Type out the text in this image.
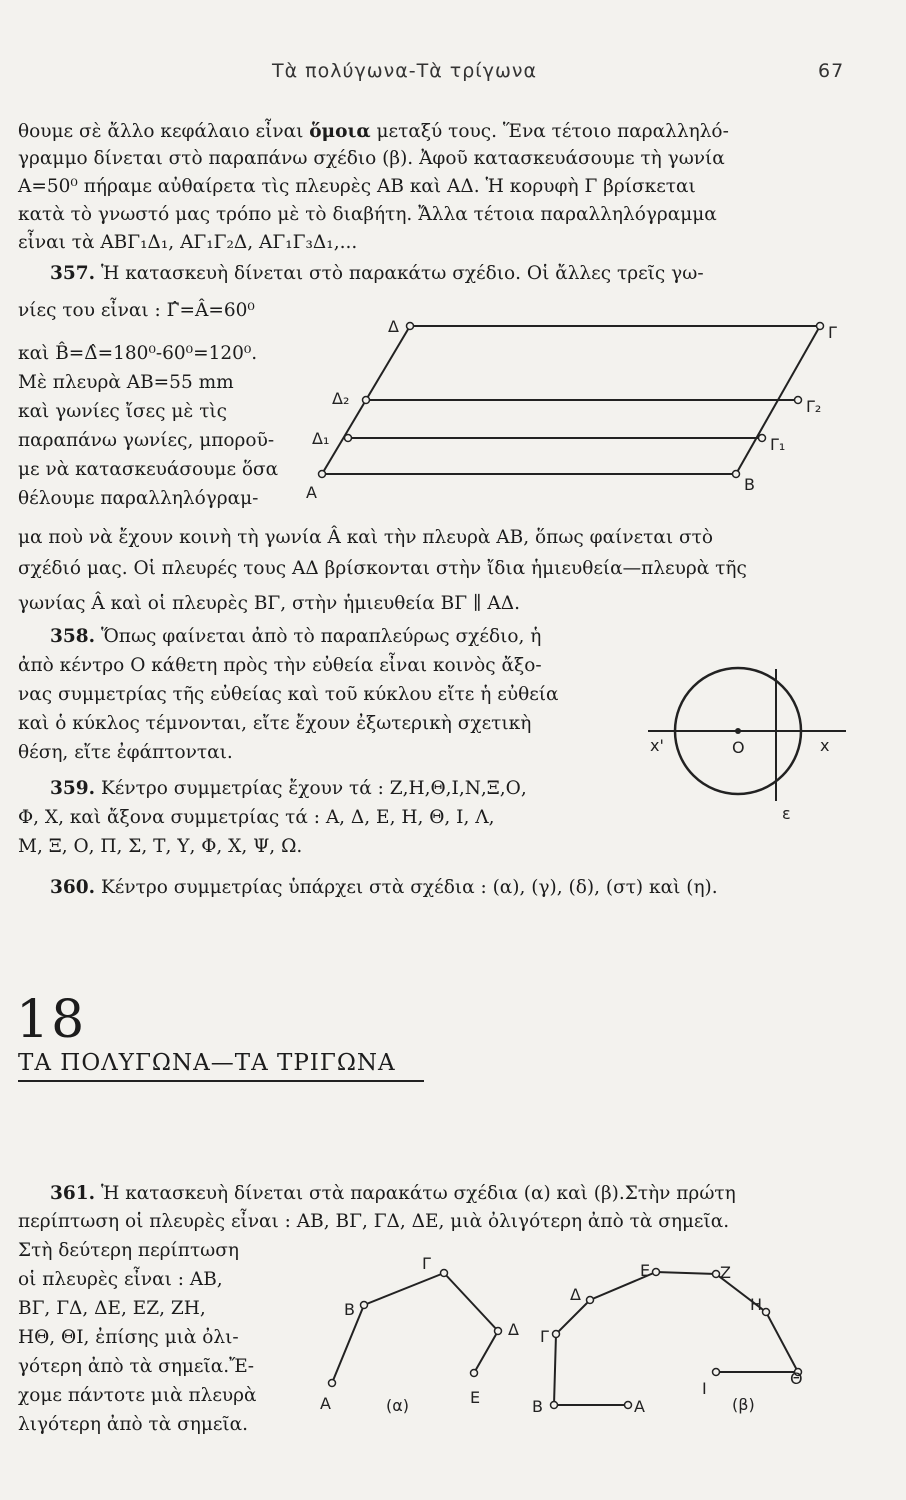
Τὰ πολύγωνα-Τὰ τρίγωνα	67
θουμε σὲ ἄλλο κεφάλαιο εἶναι ὅμοια μεταξύ τους. Ἕνα τέτοιο παραλληλό-
γραμμο δίνεται στὸ παραπάνω σχέδιο (β). Ἀφοῦ κατασκευάσουμε τὴ γωνία
Α=50⁰ πήραμε αὐθαίρετα τὶς πλευρὲς ΑΒ καὶ ΑΔ. Ἡ κορυφὴ Γ βρίσκεται
κατὰ τὸ γνωστό μας τρόπο μὲ τὸ διαβήτη. Ἄλλα τέτοια παραλληλόγραμμα
εἶναι τὰ ΑΒΓ₁Δ₁, ΑΓ₁Γ₂Δ, ΑΓ₁Γ₃Δ₁,...
357. Ἡ κατασκευὴ δίνεται στὸ παρακάτω σχέδιο. Οἱ ἄλλες τρεῖς γω-
νίες του εἶναι : Γ̂=Â=60⁰
καὶ B̂=Δ̂=180⁰-60⁰=120⁰.
Μὲ πλευρὰ ΑΒ=55 mm
καὶ γωνίες ἴσες μὲ τὶς
παραπάνω γωνίες, μποροῦ-
με νὰ κατασκευάσουμε ὅσα
θέλουμε παραλληλόγραμ-
μα ποὺ νὰ ἔχουν κοινὴ τὴ γωνία Â καὶ τὴν πλευρὰ ΑΒ, ὅπως φαίνεται στὸ
σχέδιό μας. Οἱ πλευρές τους ΑΔ βρίσκονται στὴν ἴδια ἡμιευθεία—πλευρὰ τῆς
γωνίας Â καὶ οἱ πλευρὲς ΒΓ, στὴν ἡμιευθεία ΒΓ ∥ ΑΔ.
Δ	Γ
Δ₂	Γ₂
Δ₁	Γ₁
Α	Β
358. Ὅπως φαίνεται ἀπὸ τὸ παραπλεύρως σχέδιο, ἡ
ἀπὸ κέντρο Ο κάθετη πρὸς τὴν εὐθεία εἶναι κοινὸς ἄξο-
νας συμμετρίας τῆς εὐθείας καὶ τοῦ κύκλου εἴτε ἡ εὐθεία
καὶ ὁ κύκλος τέμνονται, εἴτε ἔχουν ἐξωτερικὴ σχετικὴ
θέση, εἴτε ἐφάπτονται.	x'	O	x
ε
359. Κέντρο συμμετρίας ἔχουν τά : Ζ,Η,Θ,Ι,Ν,Ξ,Ο,
Φ, Χ, καὶ ἄξονα συμμετρίας τά : Α, Δ, Ε, Η, Θ, Ι, Λ,
Μ, Ξ, Ο, Π, Σ, Τ, Υ, Φ, Χ, Ψ, Ω.
360. Κέντρο συμμετρίας ὑπάρχει στὰ σχέδια : (α), (γ), (δ), (στ) καὶ (η).
18
ΤΑ ΠΟΛΥΓΩΝΑ—ΤΑ ΤΡΙΓΩΝΑ
361. Ἡ κατασκευὴ δίνεται στὰ παρακάτω σχέδια (α) καὶ (β).Στὴν πρώτη
περίπτωση οἱ πλευρὲς εἶναι : ΑΒ, ΒΓ, ΓΔ, ΔΕ, μιὰ ὀλιγότερη ἀπὸ τὰ σημεῖα.
Στὴ δεύτερη περίπτωση
οἱ πλευρὲς εἶναι : ΑΒ,
ΒΓ, ΓΔ, ΔΕ, ΕΖ, ΖΗ,
ΗΘ, ΘΙ, ἐπίσης μιὰ ὀλι-
γότερη ἀπὸ τὰ σημεῖα.Ἔ-
χομε πάντοτε μιὰ πλευρὰ
λιγότερη ἀπὸ τὰ σημεῖα.
Γ
Β
Δ
Α	Ε
(α)
Δ
Ε	Ζ
Γ
Η
Θ
Ι
Β	Α	(β)
